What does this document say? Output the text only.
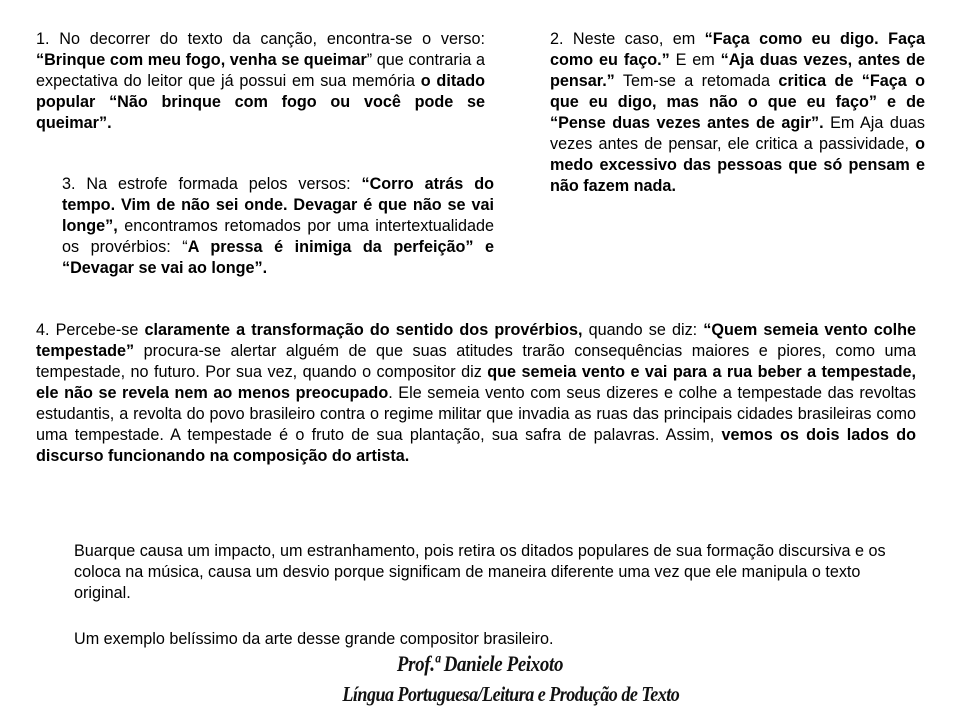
1. No decorrer do texto da canção, encontra-se o verso: “Brinque com meu fogo, venha se queimar” que contraria a expectativa do leitor que já possui em sua memória o ditado popular “Não brinque com fogo ou você pode se queimar”.

2. Neste caso, em “Faça como eu digo. Faça como eu faço.” E em “Aja duas vezes, antes de pensar.” Tem-se a retomada critica de “Faça o que eu digo, mas não o que eu faço” e de “Pense duas vezes antes de agir”. Em Aja duas vezes antes de pensar, ele critica a passividade, o medo excessivo das pessoas que só pensam e não fazem nada.

3. Na estrofe formada pelos versos: “Corro atrás do tempo. Vim de não sei onde. Devagar é que não se vai longe”, encontramos retomados por uma intertextualidade os provérbios: “A pressa é inimiga da perfeição” e “Devagar se vai ao longe”.

4. Percebe-se claramente a transformação do sentido dos provérbios, quando se diz: “Quem semeia vento colhe tempestade” procura-se alertar alguém de que suas atitudes trarão consequências maiores e piores, como uma tempestade, no futuro. Por sua vez, quando o compositor diz que semeia vento e vai para a rua beber a tempestade, ele não se revela nem ao menos preocupado. Ele semeia vento com seus dizeres e colhe a tempestade das revoltas estudantis, a revolta do povo brasileiro contra o regime militar que invadia as ruas das principais cidades brasileiras como uma tempestade. A tempestade é o fruto de sua plantação, sua safra de palavras. Assim, vemos os dois lados do discurso funcionando na composição do artista.

Buarque causa um impacto, um estranhamento, pois retira os ditados populares de sua formação discursiva e os coloca na música, causa um desvio porque significam de maneira diferente uma vez que ele manipula o texto original.

Um exemplo belíssimo da arte desse grande compositor brasileiro.

Prof.ª Daniele Peixoto
Língua Portuguesa/Leitura e Produção de Texto
